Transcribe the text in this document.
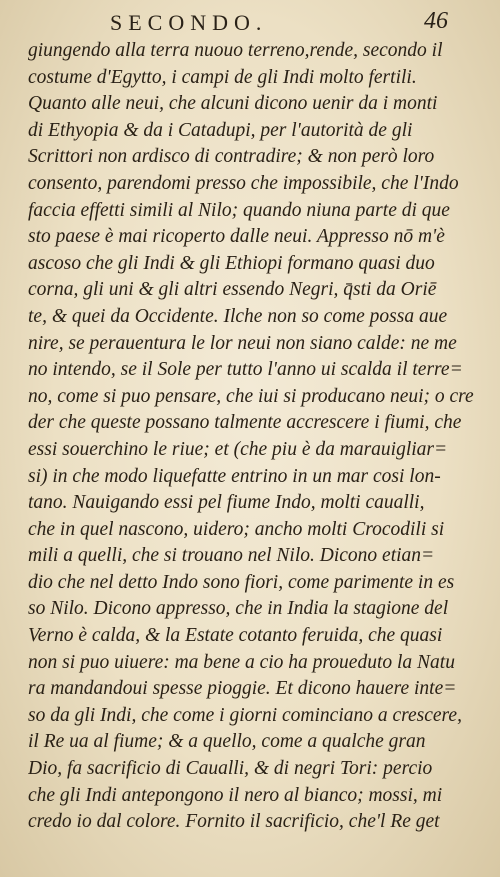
SECONDO.	46
giungendo alla terra nuouo terreno,rende, secondo il
costume d'Egytto, i campi de gli Indi molto fertili.
Quanto alle neui, che alcuni dicono uenir da i monti
di Ethyopia & da i Catadupi, per l'autorità de gli
Scrittori non ardisco di contradire; & non però loro
consento, parendomi presso che impossibile, che l'Indo
faccia effetti simili al Nilo; quando niuna parte di que
sto paese è mai ricoperto dalle neui. Appresso nō m'è
ascoso che gli Indi & gli Ethiopi formano quasi duo
corna, gli uni & gli altri essendo Negri, q̄sti da Oriē
te, & quei da Occidente. Ilche non so come possa aue
nire, se perauentura le lor neui non siano calde: ne me
no intendo, se il Sole per tutto l'anno ui scalda il terre=
no, come si puo pensare, che iui si producano neui; o cre
der che queste possano talmente accrescere i fiumi, che
essi souerchino le riue; et (che piu è da marauigliar=
si) in che modo liquefatte entrino in un mar cosi lon-
tano. Nauigando essi pel fiume Indo, molti caualli,
che in quel nascono, uidero; ancho molti Crocodili si
mili a quelli, che si trouano nel Nilo. Dicono etian=
dio che nel detto Indo sono fiori, come parimente in es
so Nilo. Dicono appresso, che in India la stagione del
Verno è calda, & la Estate cotanto feruida, che quasi
non si puo uiuere: ma bene a cio ha proueduto la Natu
ra mandandoui spesse pioggie. Et dicono hauere inte=
so da gli Indi, che come i giorni cominciano a crescere,
il Re ua al fiume; & a quello, come a qualche gran
Dio, fa sacrificio di Caualli, & di negri Tori: percio
che gli Indi antepongono il nero al bianco; mossi, mi
credo io dal colore. Fornito il sacrificio, che'l Re get
